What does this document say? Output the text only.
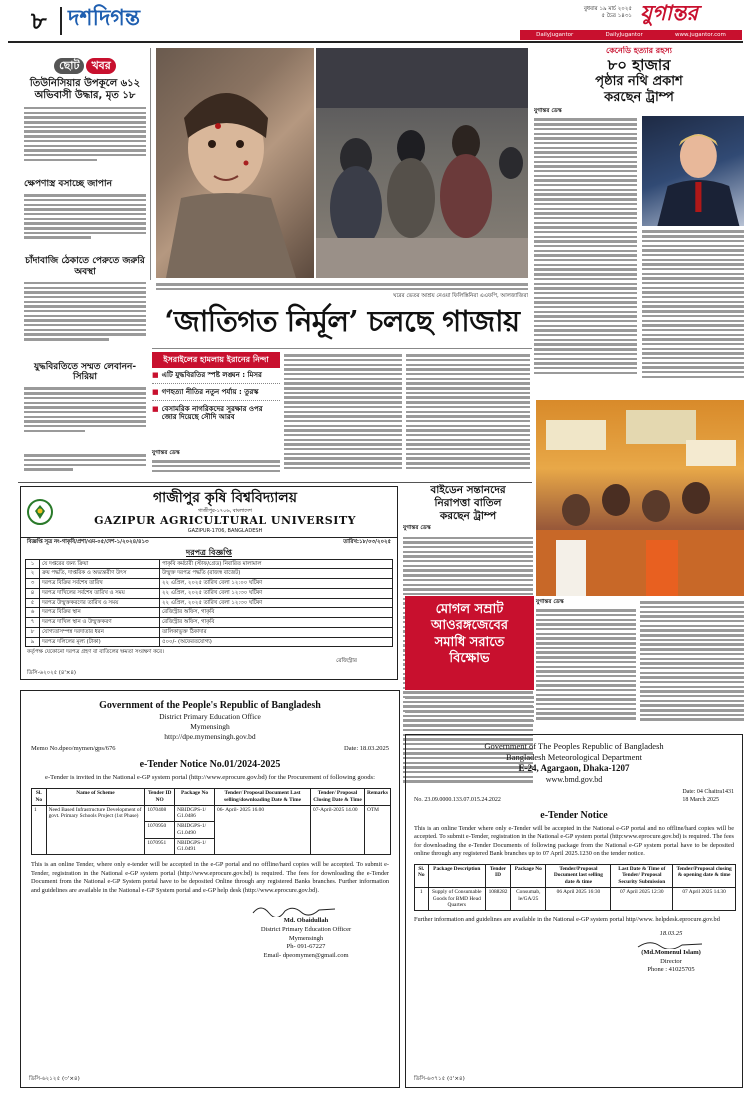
৮ দশদিগন্ত	বুধবার ১৯ মার্চ ২০২৫
৫ চৈত্র ১৪৩১ যুগান্তর
DailyJugantor	DailyJugantor	www.jugantor.com
ছোট	খবর
তিউনিসিয়ার উপকূলে ৬১২ অভিবাসী উদ্ধার, মৃত ১৮
ক্ষেপণাস্ত্র বসাচ্ছে জাপান
চাঁদাবাজি ঠেকাতে পেরুতে জরুরি অবস্থা
যুদ্ধবিরতিতে সম্মত লেবানন-সিরিয়া
ঘরের ভেতর আশ্রয় নেওয়া ফিলিস্তিনিরা এএফপি, আলজাজিরা
কেনেডি হত্যার রহস্য
৮০ হাজার
পৃষ্ঠার নথি প্রকাশ
করছেন ট্রাম্প
যুগান্তর ডেস্ক
‘জাতিগত নির্মূল’ চলছে গাজায়
ইসরাইলের হামলায় ইরানের নিন্দা
■ এটি যুদ্ধবিরতির স্পষ্ট লঙ্ঘন : মিসর
■ গণহত্যা নীতির নতুন পর্যায় : তুরস্ক
■ বেসামরিক নাগরিকদের সুরক্ষার ওপর জোর দিয়েছে সৌদি আরব
যুগান্তর ডেস্ক
গাজীপুর কৃষি বিশ্ববিদ্যালয়
গাজীপুর-১৭০৬, বাংলাদেশ
GAZIPUR AGRICULTURAL UNIVERSITY
GAZIPUR-1706, BANGLADESH
বিজ্ঞপ্তি সূত্র নং-গাকৃবি/প্রশা/এম-০৫/দেশ-১/২০২৪/৪১৩	তারিখ:১৮/০৩/২০২৫
দরপত্র বিজ্ঞপ্তি
১	যে দপ্তরের জন্য ক্রিয়া	পাকৃবি কর্মচারী (স্টাফ/গ্রেড) নিবারিত মালামাল
২	ক্রয় পদ্ধতি, দাপ্তরিক ও অভ্যন্তরীণ উৎস	উন্মুক্ত দরপত্র পদ্ধতি (রাজস্ব বাজেট)
৩	দরপত্র বিক্রির সর্বশেষ তারিখ	২২ এপ্রিল, ২০২৫ তারিখ বেলা ১২:০০ ঘটিকা
৪	দরপত্র দাখিলের সর্বশেষ তারিখ ও সময়	২২ এপ্রিল, ২০২৫ তারিখ বেলা ১২:৩০ ঘটিকা
৫	দরপত্র উন্মুক্তকরণের তারিখ ও সময়	২২ এপ্রিল, ২০২৫ তারিখ বেলা ১২:৩০ ঘটিকা
৬	দরপত্র বিক্রির স্থান	রেজিস্ট্রার অফিস, গাকৃবি
৭	দরপত্র দাখিল স্থান ও উন্মুক্তকরণ	রেজিস্ট্রার অফিস, গাকৃবি
৮	যোগ্যতাসম্পন্ন দরদাতার ধরন	তালিকাভুক্ত ঠিকাদার
৯	দরপত্র দলিলের মূল্য (টাকা)	৫০০/- (অফেরতযোগ্য)
কর্তৃপক্ষ যেকোনো দরপত্র গ্রহণ বা বাতিলের ক্ষমতা সংরক্ষণ করে।
রেজিস্ট্রার
ডিসি-৬২০২৫ (৪'×৪)
বাইডেন সন্তানদের
নিরাপত্তা বাতিল
করছেন ট্রাম্প
যুগান্তর ডেস্ক
মোগল সম্রাট
আওরঙ্গজেবের
সমাধি সরাতে
বিক্ষোভ
যুগান্তর ডেস্ক
Government of the People's Republic of Bangladesh
District Primary Education Office
Mymensingh
http://dpe.mymensingh.gov.bd
Memo No.dpeo/mymen/gps/676	Date: 18.03.2025
e-Tender Notice No.01/2024-2025
e-Tender is invited in the National e-GP system portal (http://www.eprocure.gov.bd) for the Procurement of following goods:
Sl. No	Name of Scheme	Tender ID NO	Package No	Tender/ Proposal Document Last selling/downloading Date & Time	Tender/ Proposal Closing Date & Time	Remarks
1	Need Based Infrastructure Development of govt. Primary Schools Project (1st Phase)	1070408	NBIDGPS-1/ G1.0486	06- April- 2025 16.00	07-April-2025 14.00	OTM
		1070950	NBIDGPS-1/ G1.0490			
		1070951	NBIDGPS-1/ G1.0491			
This is an online Tender, where only e-tender will be accepted in the e-GP portal and no offline/hard copies will be accepted. To submit e-Tender, registration in the National e-GP system portal (http://www.eprocure.gov.bd) is required. The fees for downloading the e-Tender Document from the National e-GP System portal have to be deposited Online through any registered Banks branches. Further information and guidelines are available in the National e-GP System portal and e-GP help desk (http://www.eprocure.gov.bd).
Md. Obaidullah
District Primary Education Officer
Mymensingh
Ph- 091-67227
Email- dpeomymen@gmail.com
ডিসি-৬২১২৫ (৩'×৪)
Government of The Peoples Republic of Bangladesh
Bangladesh Meteorological Department
E-24, Agargaon, Dhaka-1207
www.bmd.gov.bd
No. 23.09.0000.133.07.015.24.2022
Date: 04 Chaitra1431
18 March 2025
e-Tender Notice
This is an online Tender where only e-Tender will be accepted in the National e-GP portal and no offline/hard copies will be accepted. To submit e-Tender, registration in the National e-GP system portal (http:www.eprocure.gov.bd) is required. The fees for downloading the e-Tender Documents of following package from the National e-GP system portal have to be deposited online through any registered Bank branches up to 07 April 2025.1230 on the tender notice.
Sl. No	Package Description	Tender ID	Package No	Tender/Proposal Document last selling date & time	Last Date & Time of Tender/ Proposal Security Submission	Tender/Proposal closing & opening date & time
1	Supply of Consumable Goods for BMD Head Quarters	1088282	Consumab, le/GA/25	06 April 2025 16:30	07 April 2025 12:30	07 April 2025 14.30
Further information and guidelines are available in the National e-GP system portal http//www. helpdesk.eprocure.gov.bd
18.03.25
(Md.Momenul Islam)
Director
Phone : 41025705
ডিসি-৬৩৭১৫ (৫'×৪)
